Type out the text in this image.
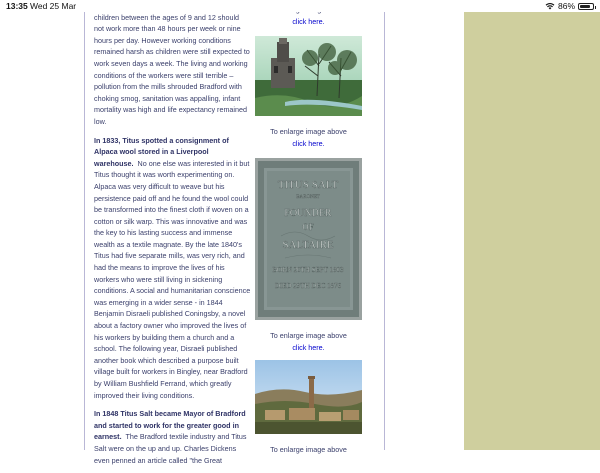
13:35 Wed 25 Mar	86%

children between the ages of 9 and 12 should not work more than 48 hours per week or nine hours per day. However working conditions remained harsh as children were still expected to work seven days a week. The living and working conditions of the workers were still terrible – pollution from the mills shrouded Bradford with choking smog, sanitation was appalling, infant mortality was high and life expectancy remained low.

In 1833, Titus spotted a consignment of Alpaca wool stored in a Liverpool warehouse. No one else was interested in it but Titus thought it was worth experimenting on. Alpaca was very difficult to weave but his persistence paid off and he found the wool could be transformed into the finest cloth if woven on a cotton or silk warp. This was innovative and was the key to his lasting success and immense wealth as a textile magnate. By the late 1840's Titus had five separate mills, was very rich, and had the means to improve the lives of his workers who were still living in sickening conditions. A social and humanitarian conscience was emerging in a wider sense - in 1844 Benjamin Disraeli published Coningsby, a novel about a factory owner who improved the lives of his workers by building them a church and a school. The following year, Disraeli published another book which described a purpose built village built for workers in Bingley, near Bradford by William Bushfield Ferrand, which greatly improved their living conditions.

In 1848 Titus Salt became Mayor of Bradford and started to work for the greater good in earnest. The Bradford textile industry and Titus Salt were on the up and up. Charles Dickens even penned an article called "the Great

click here.
To enlarge image above
click here.
TITUS SALT
BARONET
FOUNDER
OF
SALTAIRE
BORN 20TH SEPT 1803
DIED 29TH DEC 1876
To enlarge image above
click here.
To enlarge image above
